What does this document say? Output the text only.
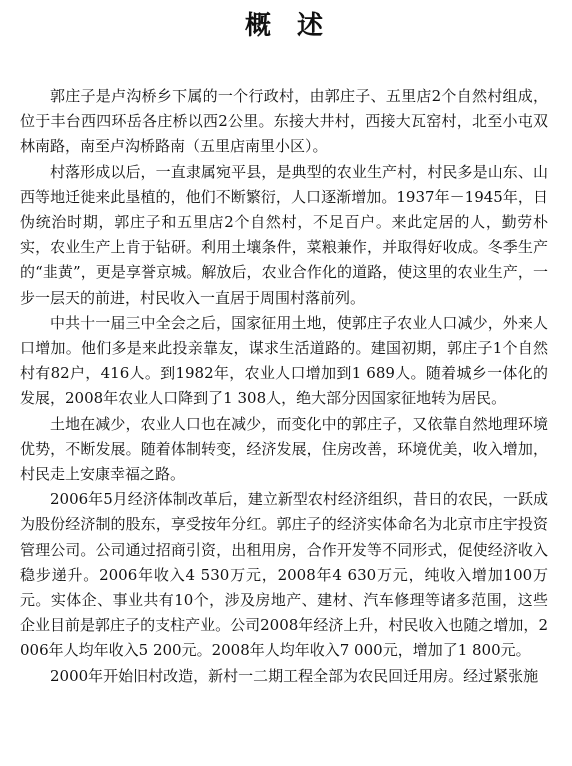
概述

郭庄子是卢沟桥乡下属的一个行政村，由郭庄子、五里店2个自然村组成，位于丰台西四环岳各庄桥以西2公里。东接大井村，西接大瓦窑村，北至小屯双林南路，南至卢沟桥路南（五里店南里小区）。

村落形成以后，一直隶属宛平县，是典型的农业生产村，村民多是山东、山西等地迁徙来此垦植的，他们不断繁衍，人口逐渐增加。1937年－1945年，日伪统治时期，郭庄子和五里店2个自然村，不足百户。来此定居的人，勤劳朴实，农业生产上肯于钻研。利用土壤条件，菜粮兼作，并取得好收成。冬季生产的“韭黄”，更是享誉京城。解放后，农业合作化的道路，使这里的农业生产，一步一层天的前进，村民收入一直居于周围村落前列。

中共十一届三中全会之后，国家征用土地，使郭庄子农业人口减少，外来人口增加。他们多是来此投亲靠友，谋求生活道路的。建国初期，郭庄子1个自然村有82户，416人。到1982年，农业人口增加到1 689人。随着城乡一体化的发展，2008年农业人口降到了1 308人，绝大部分因国家征地转为居民。

土地在减少，农业人口也在减少，而变化中的郭庄子，又依靠自然地理环境优势，不断发展。随着体制转变，经济发展，住房改善，环境优美，收入增加，村民走上安康幸福之路。

2006年5月经济体制改革后，建立新型农村经济组织，昔日的农民，一跃成为股份经济制的股东，享受按年分红。郭庄子的经济实体命名为北京市庄宇投资管理公司。公司通过招商引资，出租用房，合作开发等不同形式，促使经济收入稳步递升。2006年收入4 530万元，2008年4 630万元，纯收入增加100万元。实体企、事业共有10个，涉及房地产、建材、汽车修理等诸多范围，这些企业目前是郭庄子的支柱产业。公司2008年经济上升，村民收入也随之增加，2006年人均年收入5 200元。2008年人均年收入7 000元，增加了1 800元。

2000年开始旧村改造，新村一二期工程全部为农民回迁用房。经过紧张施
